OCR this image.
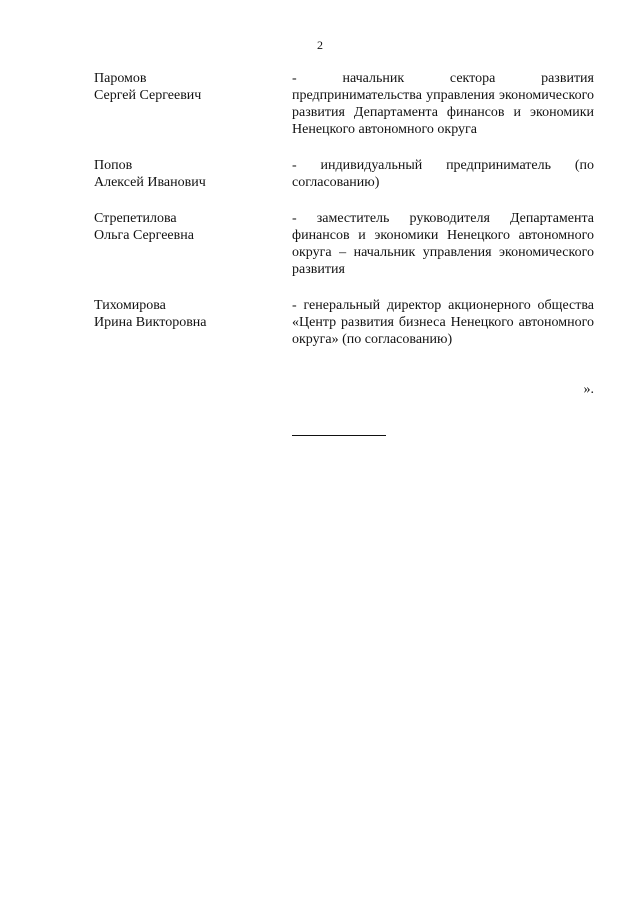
2
Паромов
Сергей Сергеевич
- начальник сектора развития предпринимательства управления экономического развития Департамента финансов и экономики Ненецкого автономного округа
Попов
Алексей Иванович
- индивидуальный предприниматель (по согласованию)
Стрепетилова
Ольга Сергеевна
- заместитель руководителя Департамента финансов и экономики Ненецкого автономного округа – начальник управления экономического развития
Тихомирова
Ирина Викторовна
- генеральный директор акционерного общества «Центр развития бизнеса Ненецкого автономного округа» (по согласованию)
».
